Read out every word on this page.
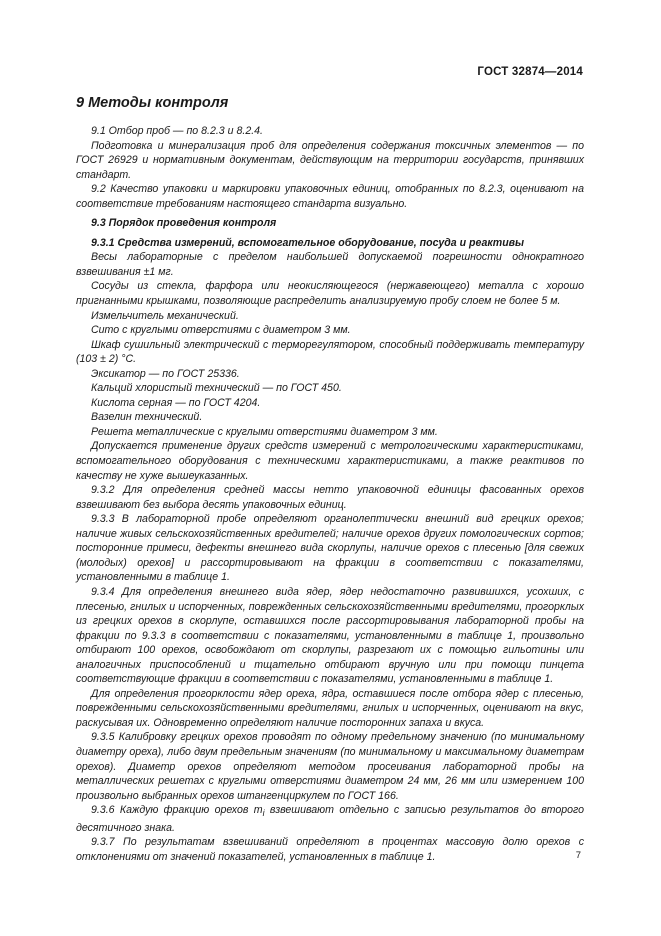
ГОСТ 32874—2014
9 Методы контроля

9.1 Отбор проб — по 8.2.3 и 8.2.4.

Подготовка и минерализация проб для определения содержания токсичных элементов — по ГОСТ 26929 и нормативным документам, действующим на территории государств, принявших стандарт.

9.2 Качество упаковки и маркировки упаковочных единиц, отобранных по 8.2.3, оценивают на соответствие требованиям настоящего стандарта визуально.

9.3 Порядок проведения контроля

9.3.1 Средства измерений, вспомогательное оборудование, посуда и реактивы

Весы лабораторные с пределом наибольшей допускаемой погрешности однократного взвешивания ±1 мг.

Сосуды из стекла, фарфора или неокисляющегося (нержавеющего) металла с хорошо пригнанными крышками, позволяющие распределить анализируемую пробу слоем не более 5 м.

Измельчитель механический.

Сито с круглыми отверстиями с диаметром 3 мм.

Шкаф сушильный электрический с терморегулятором, способный поддерживать температуру (103 ± 2) °С.

Эксикатор — по ГОСТ 25336.

Кальций хлористый технический — по ГОСТ 450.

Кислота серная — по ГОСТ 4204.

Вазелин технический.

Решета металлические с круглыми отверстиями диаметром 3 мм.

Допускается применение других средств измерений с метрологическими характеристиками, вспомогательного оборудования с техническими характеристиками, а также реактивов по качеству не хуже вышеуказанных.

9.3.2 Для определения средней массы нетто упаковочной единицы фасованных орехов взвешивают без выбора десять упаковочных единиц.

9.3.3 В лабораторной пробе определяют органолептически внешний вид грецких орехов; наличие живых сельскохозяйственных вредителей; наличие орехов других помологических сортов; посторонние примеси, дефекты внешнего вида скорлупы, наличие орехов с плесенью [для свежих (молодых) орехов] и рассортировывают на фракции в соответствии с показателями, установленными в таблице 1.

9.3.4 Для определения внешнего вида ядер, ядер недостаточно развившихся, усохших, с плесенью, гнилых и испорченных, поврежденных сельскохозяйственными вредителями, прогорклых из грецких орехов в скорлупе, оставшихся после рассортировывания лабораторной пробы на фракции по 9.3.3 в соответствии с показателями, установленными в таблице 1, произвольно отбирают 100 орехов, освобождают от скорлупы, разрезают их с помощью гильотины или аналогичных приспособлений и тщательно отбирают вручную или при помощи пинцета соответствующие фракции в соответствии с показателями, установленными в таблице 1.

Для определения прогорклости ядер ореха, ядра, оставшиеся после отбора ядер с плесенью, поврежденными сельскохозяйственными вредителями, гнилых и испорченных, оценивают на вкус, раскусывая их. Одновременно определяют наличие посторонних запаха и вкуса.

9.3.5 Калибровку грецких орехов проводят по одному предельному значению (по минимальному диаметру ореха), либо двум предельным значениям (по минимальному и максимальному диаметрам орехов). Диаметр орехов определяют методом просеивания лабораторной пробы на металлических решетах с круглыми отверстиями диаметром 24 мм, 26 мм или измерением 100 произвольно выбранных орехов штангенциркулем по ГОСТ 166.

9.3.6 Каждую фракцию орехов $m_i$ взвешивают отдельно с записью результатов до второго десятичного знака.

9.3.7 По результатам взвешиваний определяют в процентах массовую долю орехов с отклонениями от значений показателей, установленных в таблице 1.	7
